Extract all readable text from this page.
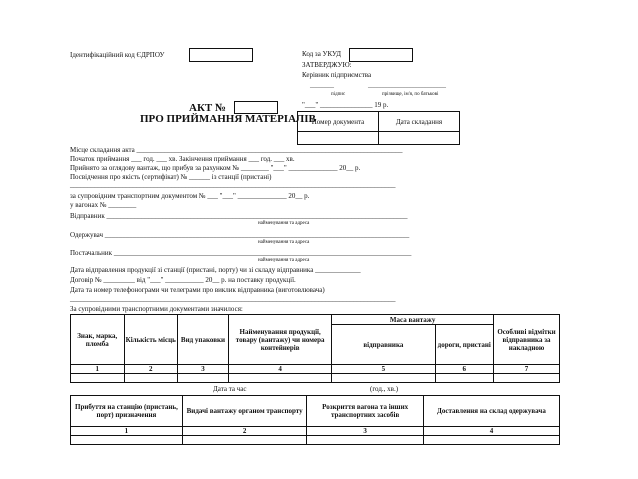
Ідентифікаційний код ЄДРПОУ	Код за УКУД
ЗАТВЕРДЖУЮ:
Керівник підприємства
________	__________________________
підпис	прізвище, ім'я, по батькові
"___" _______________ 19 р.
АКТ №
ПРО ПРИЙМАННЯ МАТЕРІАЛІВ
Номер документа	Дата складання

Місце складання акта ____________________________________________________________________________
Початок приймання ___ год. ___ хв. Закінчення приймання ___ год. ___ хв.
Прийнято за оглядову вантаж, що прибув за рахунком № ________ "___" ______________ 20__ р.
Посвідчення про якість (сертифікат) № ______ із станції (пристані)
_____________________________________________________________________________________________
за супровідним транспортним документом № ___ "___" ______________ 20__ р.
у вагонах № ________
Відправник ______________________________________________________________________________________
найменування та адреса
Одержувач _______________________________________________________________________________________
найменування та адреса
Постачальник _____________________________________________________________________________________
найменування та адреса
Дата відправлення продукції зі станції (пристані, порту) чи зі складу відправника _____________
Договір № _________ від "___" ___________ 20__ р. на поставку продукції.
Дата та номер телефонограми чи телеграми про виклик відправника (виготовлювача)
_____________________________________________________________________________________________
За супровідними транспортними документами значилося:
Знак, марка, пломба	Кількість місць	Вид упаковки	Найменування продукції, товару (вантажу) чи номера контейнерів	Маса вантажу		Особливі відмітки відправника за накладною
				відправника	дороги, пристані	
1	2	3	4	5	6	7

Дата та час	(год., хв.)
Прибуття на станцію (пристань, порт) призначення	Видачі вантажу органом транспорту	Розкриття вагона та інших транспортних засобів	Доставлення на склад одержувача
1	2	3	4
